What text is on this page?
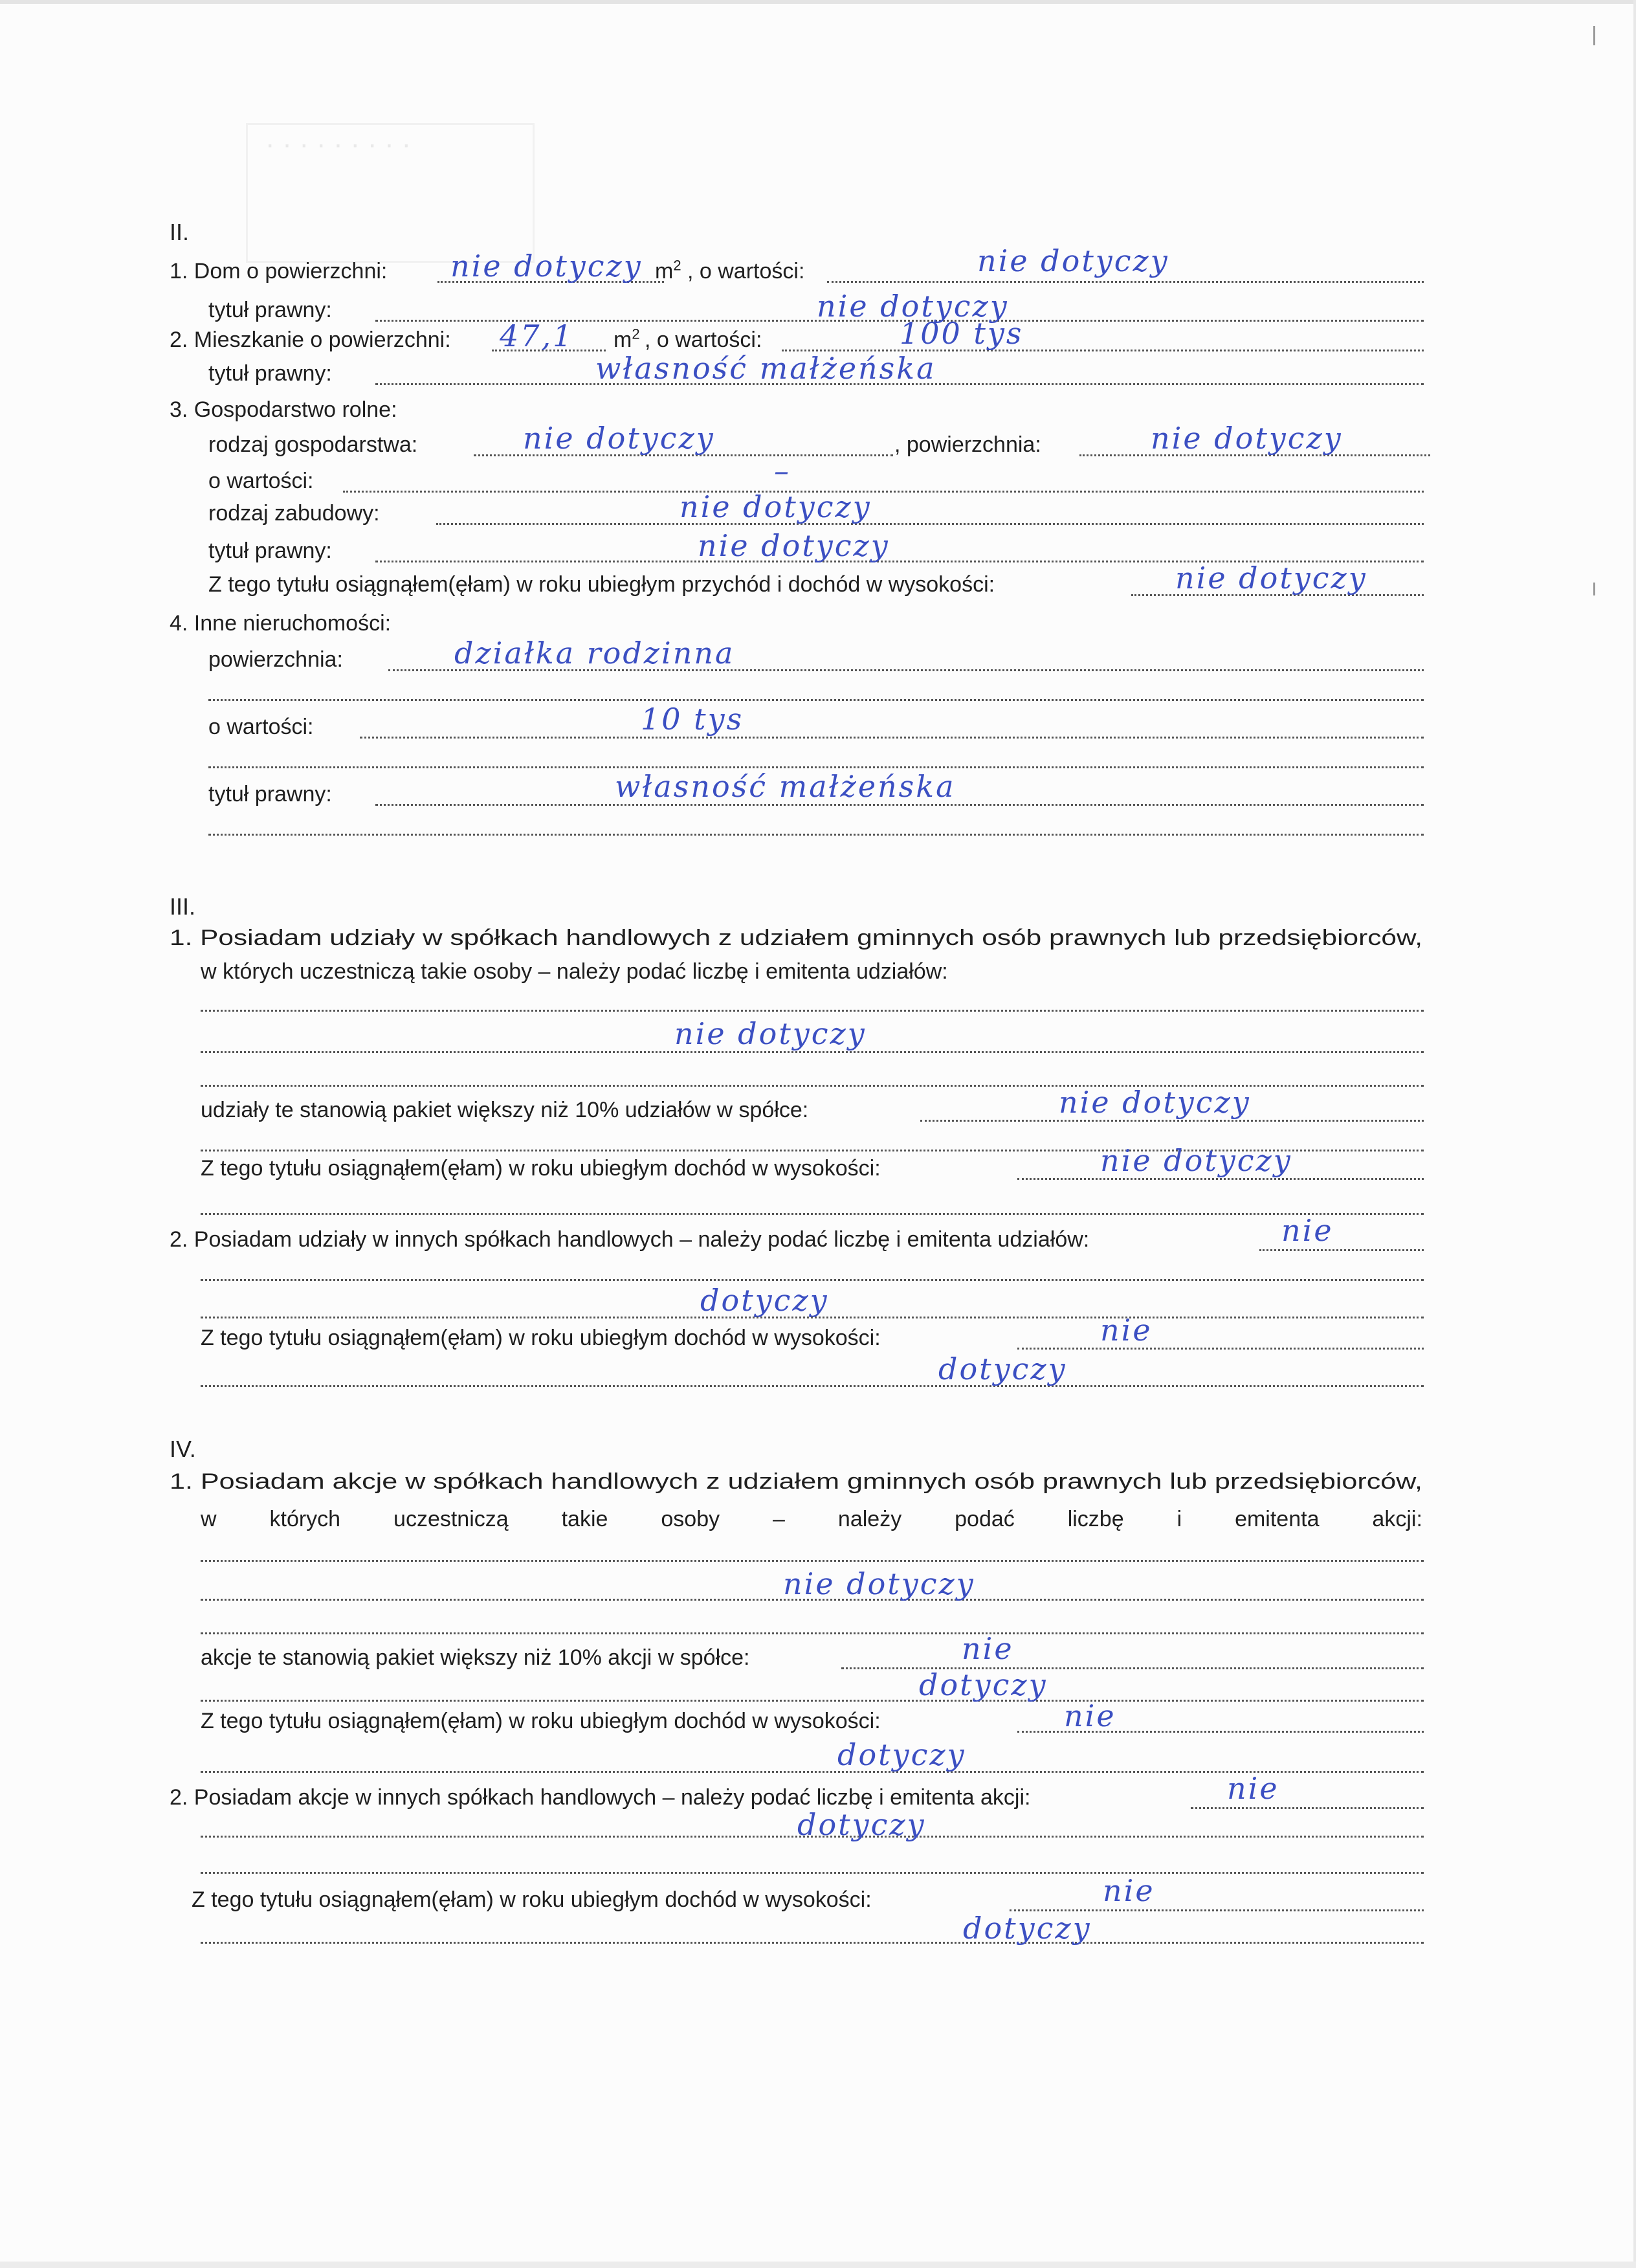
· · · · · · · · ·
II.
1. Dom o powierzchni: nie dotyczy $m^2$ , o wartości:	nie dotyczy
tytuł prawny:	nie dotyczy
2. Mieszkanie o powierzchni: 47,1 $m^2$ , o wartości:	100 tys
tytuł prawny:	własność małżeńska
3. Gospodarstwo rolne:
rodzaj gospodarstwa:	nie dotyczy	, powierzchnia:	nie dotyczy
o wartości:	–
rodzaj zabudowy:	nie dotyczy
tytuł prawny:	nie dotyczy
Z tego tytułu osiągnąłem(ęłam) w roku ubiegłym przychód i dochód w wysokości:	nie dotyczy
4. Inne nieruchomości:
powierzchnia:	działka rodzinna
o wartości:	10 tys
tytuł prawny:	własność małżeńska
III.
1. Posiadam udziały w spółkach handlowych z udziałem gminnych osób prawnych lub przedsiębiorców,
w których uczestniczą takie osoby – należy podać liczbę i emitenta udziałów:
nie dotyczy
udziały te stanowią pakiet większy niż 10% udziałów w spółce:	nie dotyczy
Z tego tytułu osiągnąłem(ęłam) w roku ubiegłym dochód w wysokości:	nie dotyczy
2. Posiadam udziały w innych spółkach handlowych – należy podać liczbę i emitenta udziałów:	nie
dotyczy
Z tego tytułu osiągnąłem(ęłam) w roku ubiegłym dochód w wysokości:	nie
dotyczy
IV.
1. Posiadam akcje w spółkach handlowych z udziałem gminnych osób prawnych lub przedsiębiorców,
w których uczestniczą takie osoby – należy podać liczbę i emitenta akcji:
nie dotyczy
akcje te stanowią pakiet większy niż 10% akcji w spółce:	nie
dotyczy
Z tego tytułu osiągnąłem(ęłam) w roku ubiegłym dochód w wysokości:	nie
dotyczy
2. Posiadam akcje w innych spółkach handlowych – należy podać liczbę i emitenta akcji:	nie
dotyczy
Z tego tytułu osiągnąłem(ęłam) w roku ubiegłym dochód w wysokości:	nie
dotyczy
